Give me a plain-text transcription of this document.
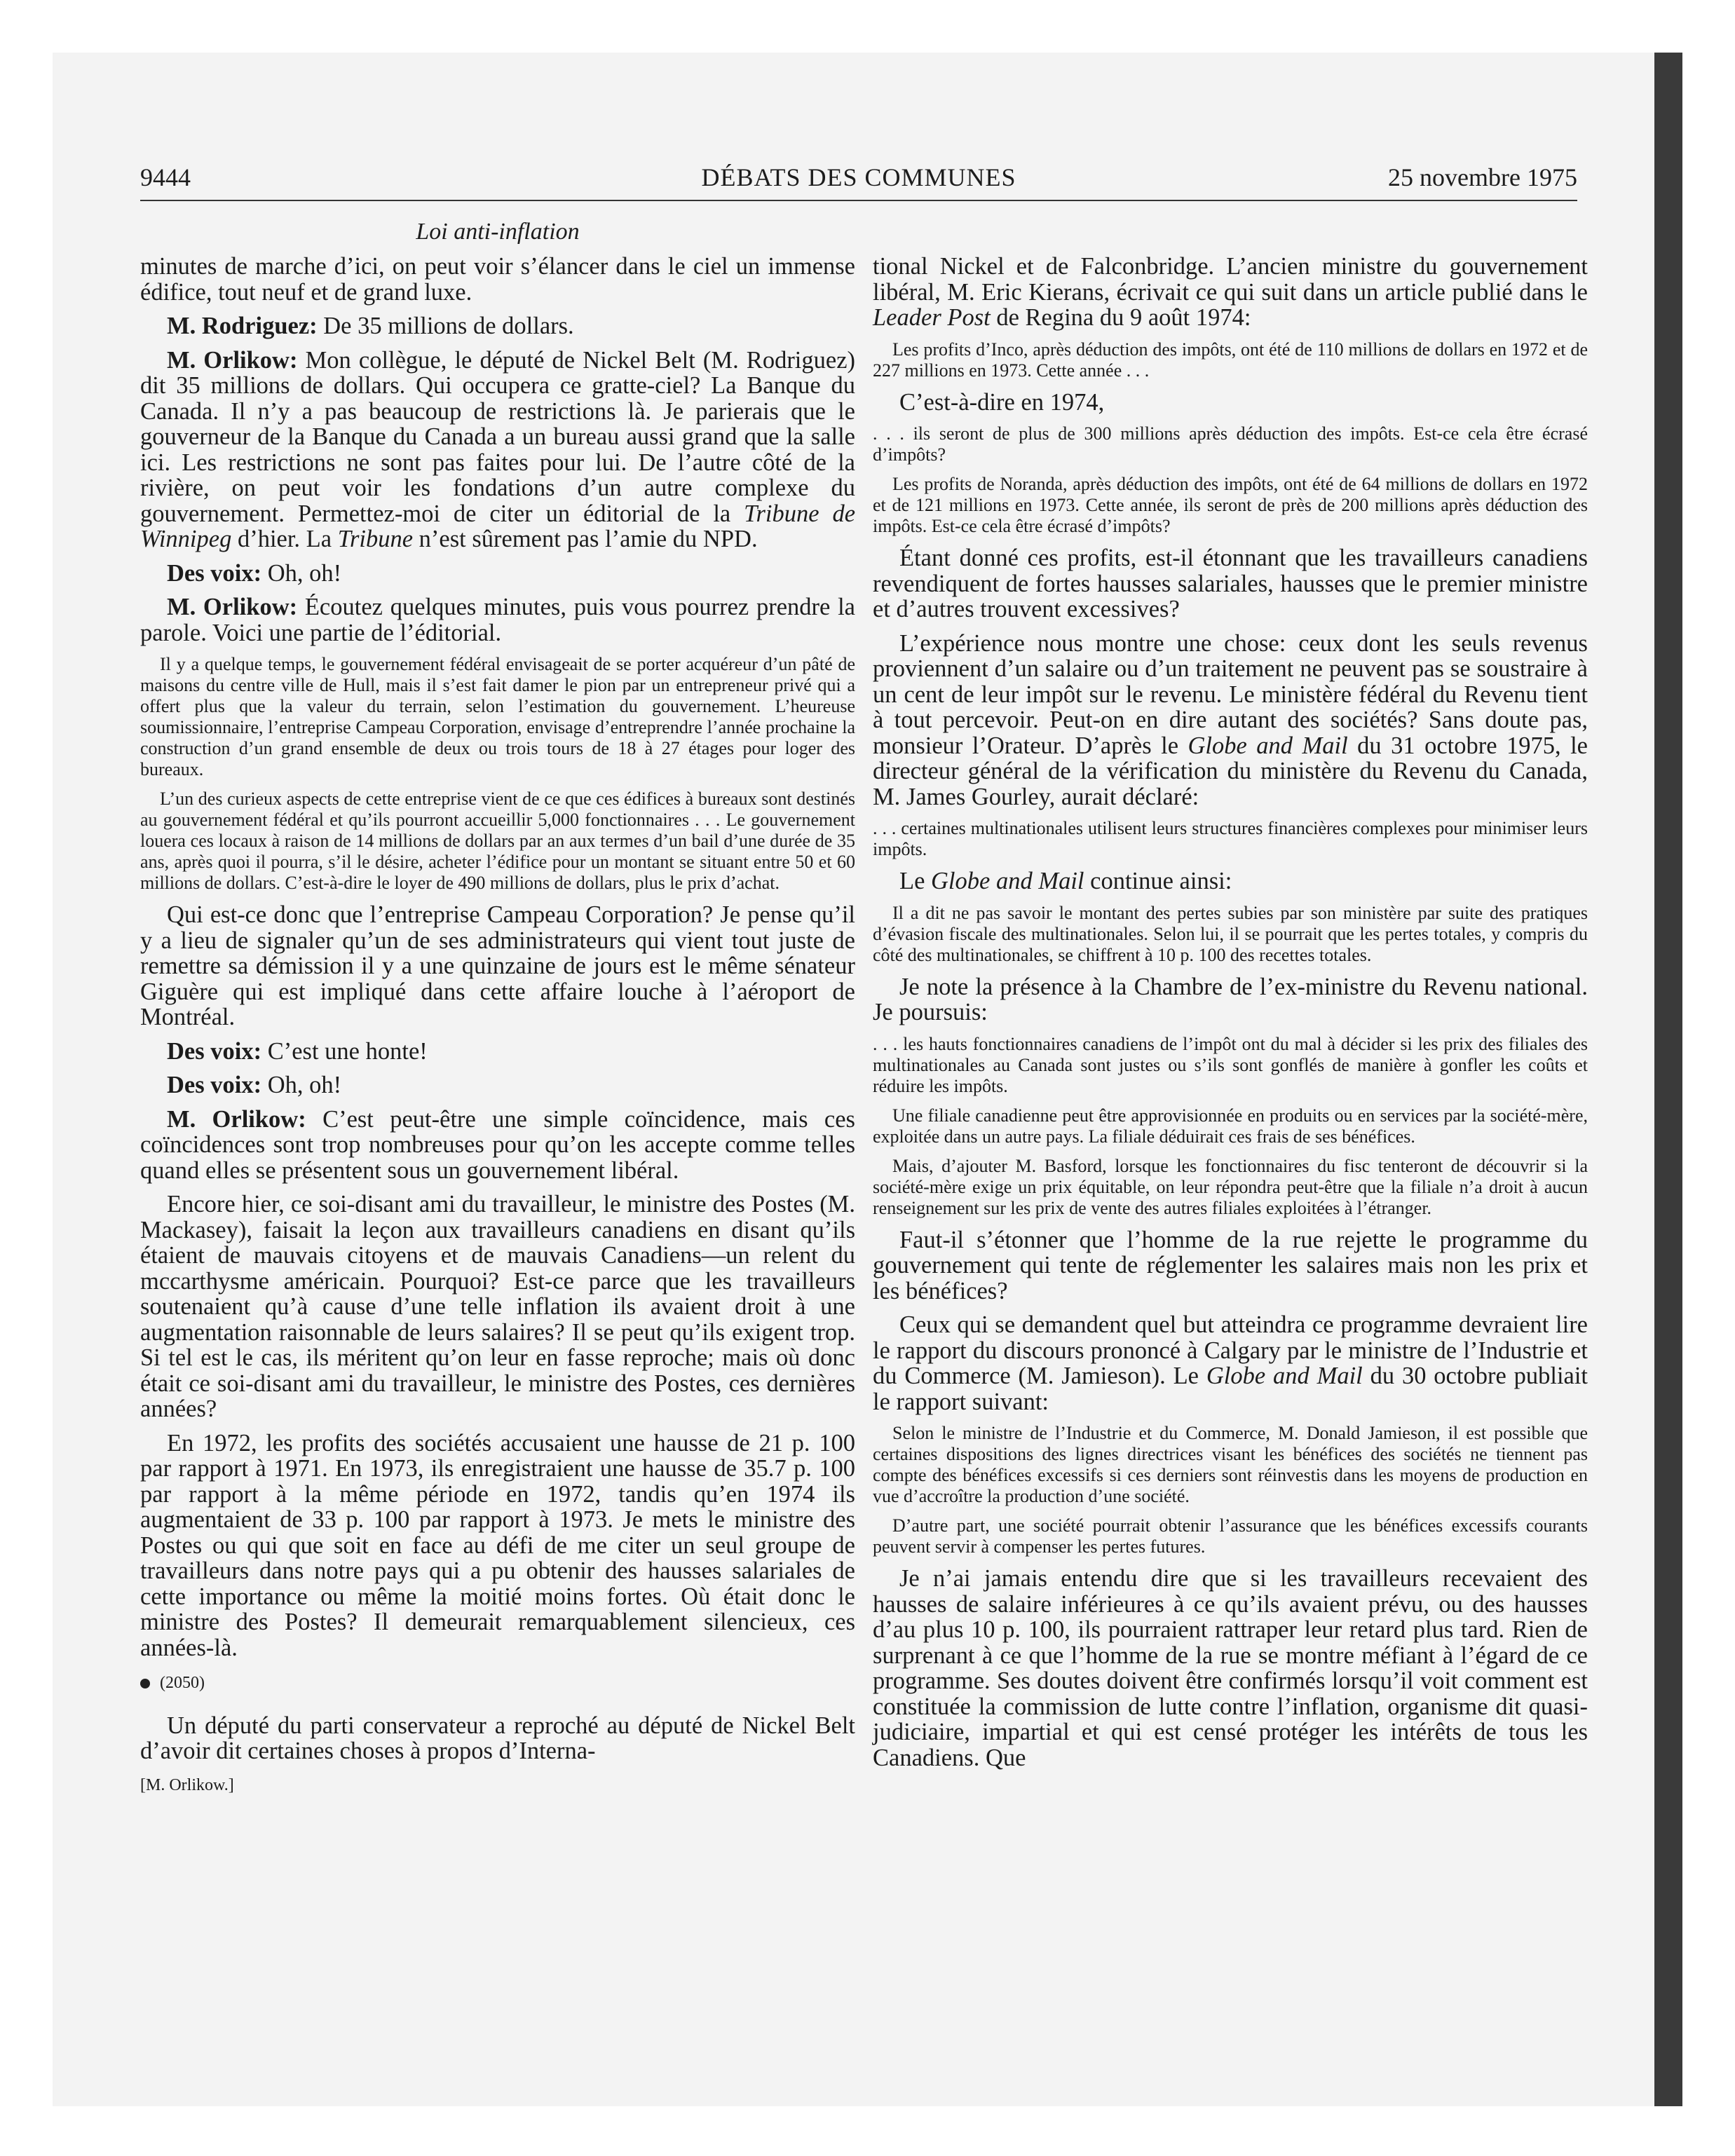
9444	DÉBATS DES COMMUNES	25 novembre 1975
Loi anti-inflation

minutes de marche d’ici, on peut voir s’élancer dans le ciel un immense édifice, tout neuf et de grand luxe.

M. Rodriguez: De 35 millions de dollars.

M. Orlikow: Mon collègue, le député de Nickel Belt (M. Rodriguez) dit 35 millions de dollars. Qui occupera ce gratte-ciel? La Banque du Canada. Il n’y a pas beaucoup de restrictions là. Je parierais que le gouverneur de la Banque du Canada a un bureau aussi grand que la salle ici. Les restrictions ne sont pas faites pour lui. De l’autre côté de la rivière, on peut voir les fondations d’un autre complexe du gouvernement. Permettez-moi de citer un éditorial de la Tribune de Winnipeg d’hier. La Tribune n’est sûrement pas l’amie du NPD.

Des voix: Oh, oh!

M. Orlikow: Écoutez quelques minutes, puis vous pourrez prendre la parole. Voici une partie de l’éditorial.

Il y a quelque temps, le gouvernement fédéral envisageait de se porter acquéreur d’un pâté de maisons du centre ville de Hull, mais il s’est fait damer le pion par un entrepreneur privé qui a offert plus que la valeur du terrain, selon l’estimation du gouvernement. L’heureuse soumissionnaire, l’entreprise Campeau Corporation, envisage d’entreprendre l’année prochaine la construction d’un grand ensemble de deux ou trois tours de 18 à 27 étages pour loger des bureaux.

L’un des curieux aspects de cette entreprise vient de ce que ces édifices à bureaux sont destinés au gouvernement fédéral et qu’ils pourront accueillir 5,000 fonctionnaires . . . Le gouvernement louera ces locaux à raison de 14 millions de dollars par an aux termes d’un bail d’une durée de 35 ans, après quoi il pourra, s’il le désire, acheter l’édifice pour un montant se situant entre 50 et 60 millions de dollars. C’est-à-dire le loyer de 490 millions de dollars, plus le prix d’achat.

Qui est-ce donc que l’entreprise Campeau Corporation? Je pense qu’il y a lieu de signaler qu’un de ses administrateurs qui vient tout juste de remettre sa démission il y a une quinzaine de jours est le même sénateur Giguère qui est impliqué dans cette affaire louche à l’aéroport de Montréal.

Des voix: C’est une honte!

Des voix: Oh, oh!

M. Orlikow: C’est peut-être une simple coïncidence, mais ces coïncidences sont trop nombreuses pour qu’on les accepte comme telles quand elles se présentent sous un gouvernement libéral.

Encore hier, ce soi-disant ami du travailleur, le ministre des Postes (M. Mackasey), faisait la leçon aux travailleurs canadiens en disant qu’ils étaient de mauvais citoyens et de mauvais Canadiens—un relent du mccarthysme américain. Pourquoi? Est-ce parce que les travailleurs soutenaient qu’à cause d’une telle inflation ils avaient droit à une augmentation raisonnable de leurs salaires? Il se peut qu’ils exigent trop. Si tel est le cas, ils méritent qu’on leur en fasse reproche; mais où donc était ce soi-disant ami du travailleur, le ministre des Postes, ces dernières années?

En 1972, les profits des sociétés accusaient une hausse de 21 p. 100 par rapport à 1971. En 1973, ils enregistraient une hausse de 35.7 p. 100 par rapport à la même période en 1972, tandis qu’en 1974 ils augmentaient de 33 p. 100 par rapport à 1973. Je mets le ministre des Postes ou qui que soit en face au défi de me citer un seul groupe de travailleurs dans notre pays qui a pu obtenir des hausses salariales de cette importance ou même la moitié moins fortes. Où était donc le ministre des Postes? Il demeurait remarquablement silencieux, ces années-là.

(2050)

Un député du parti conservateur a reproché au député de Nickel Belt d’avoir dit certaines choses à propos d’Interna-

[M. Orlikow.]

tional Nickel et de Falconbridge. L’ancien ministre du gouvernement libéral, M. Eric Kierans, écrivait ce qui suit dans un article publié dans le Leader Post de Regina du 9 août 1974:

Les profits d’Inco, après déduction des impôts, ont été de 110 millions de dollars en 1972 et de 227 millions en 1973. Cette année . . .

C’est-à-dire en 1974,

. . . ils seront de plus de 300 millions après déduction des impôts. Est-ce cela être écrasé d’impôts?

Les profits de Noranda, après déduction des impôts, ont été de 64 millions de dollars en 1972 et de 121 millions en 1973. Cette année, ils seront de près de 200 millions après déduction des impôts. Est-ce cela être écrasé d’impôts?

Étant donné ces profits, est-il étonnant que les travailleurs canadiens revendiquent de fortes hausses salariales, hausses que le premier ministre et d’autres trouvent excessives?

L’expérience nous montre une chose: ceux dont les seuls revenus proviennent d’un salaire ou d’un traitement ne peuvent pas se soustraire à un cent de leur impôt sur le revenu. Le ministère fédéral du Revenu tient à tout percevoir. Peut-on en dire autant des sociétés? Sans doute pas, monsieur l’Orateur. D’après le Globe and Mail du 31 octobre 1975, le directeur général de la vérification du ministère du Revenu du Canada, M. James Gourley, aurait déclaré:

. . . certaines multinationales utilisent leurs structures financières complexes pour minimiser leurs impôts.

Le Globe and Mail continue ainsi:

Il a dit ne pas savoir le montant des pertes subies par son ministère par suite des pratiques d’évasion fiscale des multinationales. Selon lui, il se pourrait que les pertes totales, y compris du côté des multinationales, se chiffrent à 10 p. 100 des recettes totales.

Je note la présence à la Chambre de l’ex-ministre du Revenu national. Je poursuis:

. . . les hauts fonctionnaires canadiens de l’impôt ont du mal à décider si les prix des filiales des multinationales au Canada sont justes ou s’ils sont gonflés de manière à gonfler les coûts et réduire les impôts.

Une filiale canadienne peut être approvisionnée en produits ou en services par la société-mère, exploitée dans un autre pays. La filiale déduirait ces frais de ses bénéfices.

Mais, d’ajouter M. Basford, lorsque les fonctionnaires du fisc tenteront de découvrir si la société-mère exige un prix équitable, on leur répondra peut-être que la filiale n’a droit à aucun renseignement sur les prix de vente des autres filiales exploitées à l’étranger.

Faut-il s’étonner que l’homme de la rue rejette le programme du gouvernement qui tente de réglementer les salaires mais non les prix et les bénéfices?

Ceux qui se demandent quel but atteindra ce programme devraient lire le rapport du discours prononcé à Calgary par le ministre de l’Industrie et du Commerce (M. Jamieson). Le Globe and Mail du 30 octobre publiait le rapport suivant:

Selon le ministre de l’Industrie et du Commerce, M. Donald Jamieson, il est possible que certaines dispositions des lignes directrices visant les bénéfices des sociétés ne tiennent pas compte des bénéfices excessifs si ces derniers sont réinvestis dans les moyens de production en vue d’accroître la production d’une société.

D’autre part, une société pourrait obtenir l’assurance que les bénéfices excessifs courants peuvent servir à compenser les pertes futures.

Je n’ai jamais entendu dire que si les travailleurs recevaient des hausses de salaire inférieures à ce qu’ils avaient prévu, ou des hausses d’au plus 10 p. 100, ils pourraient rattraper leur retard plus tard. Rien de surprenant à ce que l’homme de la rue se montre méfiant à l’égard de ce programme. Ses doutes doivent être confirmés lorsqu’il voit comment est constituée la commission de lutte contre l’inflation, organisme dit quasi-judiciaire, impartial et qui est censé protéger les intérêts de tous les Canadiens. Que
